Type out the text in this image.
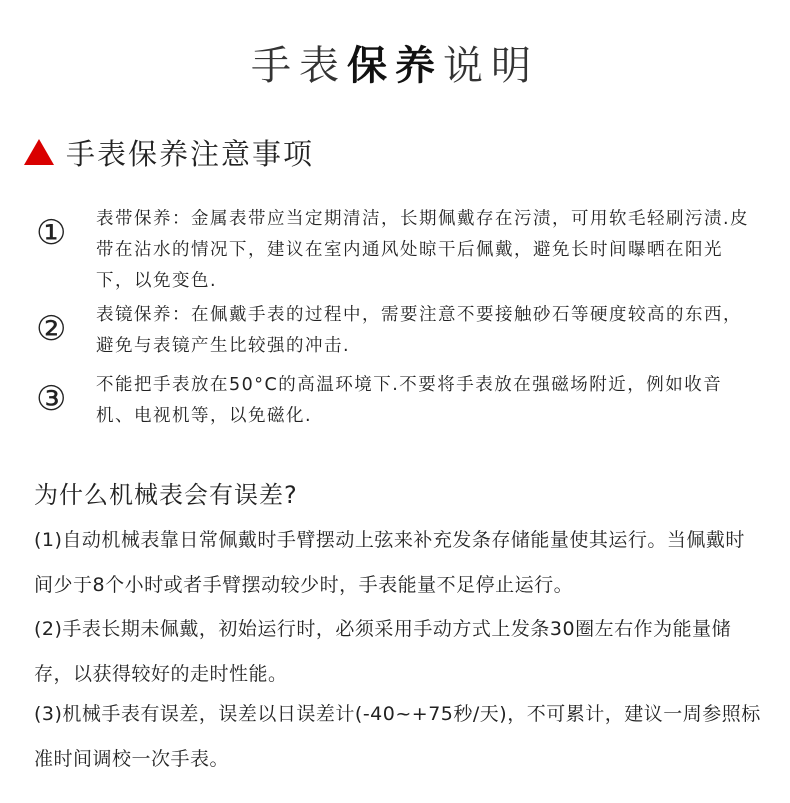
手表保养说明
手表保养注意事项
① 表带保养：金属表带应当定期清洁，长期佩戴存在污渍，可用软毛轻刷污渍.皮带在沾水的情况下，建议在室内通风处晾干后佩戴，避免长时间曝晒在阳光下，以免变色.
② 表镜保养：在佩戴手表的过程中，需要注意不要接触砂石等硬度较高的东西，避免与表镜产生比较强的冲击.
③ 不能把手表放在50°C的高温环境下.不要将手表放在强磁场附近，例如收音机、电视机等，以免磁化.
为什么机械表会有误差?
(1)自动机械表靠日常佩戴时手臂摆动上弦来补充发条存储能量使其运行。当佩戴时间少于8个小时或者手臂摆动较少时，手表能量不足停止运行。
(2)手表长期未佩戴，初始运行时，必须采用手动方式上发条30圈左右作为能量储存，以获得较好的走时性能。
(3)机械手表有误差，误差以日误差计(-40~+75秒/天)，不可累计，建议一周参照标准时间调校一次手表。
